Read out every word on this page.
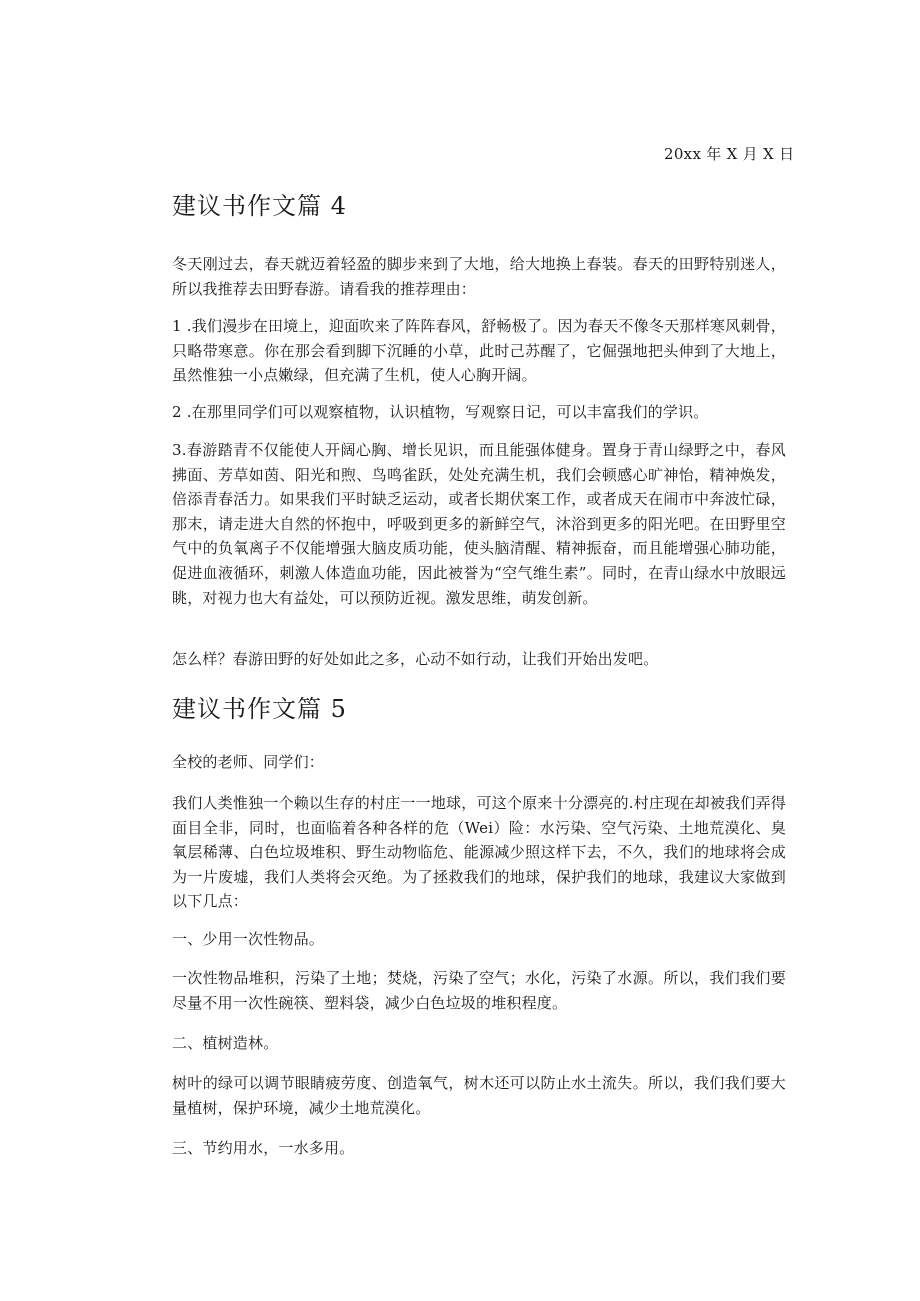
20xx 年 X 月 X 日
建议书作文篇 4

冬天刚过去，春天就迈着轻盈的脚步来到了大地，给大地换上春装。春天的田野特别迷人，所以我推荐去田野春游。请看我的推荐理由：

1 .我们漫步在田境上，迎面吹来了阵阵春风，舒畅极了。因为春天不像冬天那样寒风刺骨，只略带寒意。你在那会看到脚下沉睡的小草，此时己苏醒了，它倔强地把头伸到了大地上，虽然惟独一小点嫩绿，但充满了生机，使人心胸开阔。

2 .在那里同学们可以观察植物，认识植物，写观察日记，可以丰富我们的学识。

3.春游踏青不仅能使人开阔心胸、增长见识，而且能强体健身。置身于青山绿野之中，春风拂面、芳草如茵、阳光和煦、鸟鸣雀跃，处处充满生机，我们会顿感心旷神怡，精神焕发，倍添青春活力。如果我们平时缺乏运动，或者长期伏案工作，或者成天在闹市中奔波忙碌，那末，请走进大自然的怀抱中，呼吸到更多的新鲜空气，沐浴到更多的阳光吧。在田野里空气中的负氧离子不仅能增强大脑皮质功能，使头脑清醒、精神振奋，而且能增强心肺功能，促进血液循环，刺激人体造血功能，因此被誉为“空气维生素”。同时，在青山绿水中放眼远眺，对视力也大有益处，可以预防近视。激发思维，萌发创新。

怎么样？春游田野的好处如此之多，心动不如行动，让我们开始出发吧。

建议书作文篇 5

全校的老师、同学们：

我们人类惟独一个赖以生存的村庄一一地球，可这个原来十分漂亮的.村庄现在却被我们弄得面目全非，同时，也面临着各种各样的危（Wei）险：水污染、空气污染、土地荒漠化、臭氧层稀薄、白色垃圾堆积、野生动物临危、能源减少照这样下去，不久，我们的地球将会成为一片废墟，我们人类将会灭绝。为了拯救我们的地球，保护我们的地球，我建议大家做到以下几点：

一、少用一次性物品。

一次性物品堆积，污染了土地；焚烧，污染了空气；水化，污染了水源。所以，我们我们要尽量不用一次性碗筷、塑料袋，减少白色垃圾的堆积程度。

二、植树造林。

树叶的绿可以调节眼睛疲劳度、创造氧气，树木还可以防止水土流失。所以，我们我们要大量植树，保护环境，减少土地荒漠化。

三、节约用水，一水多用。
